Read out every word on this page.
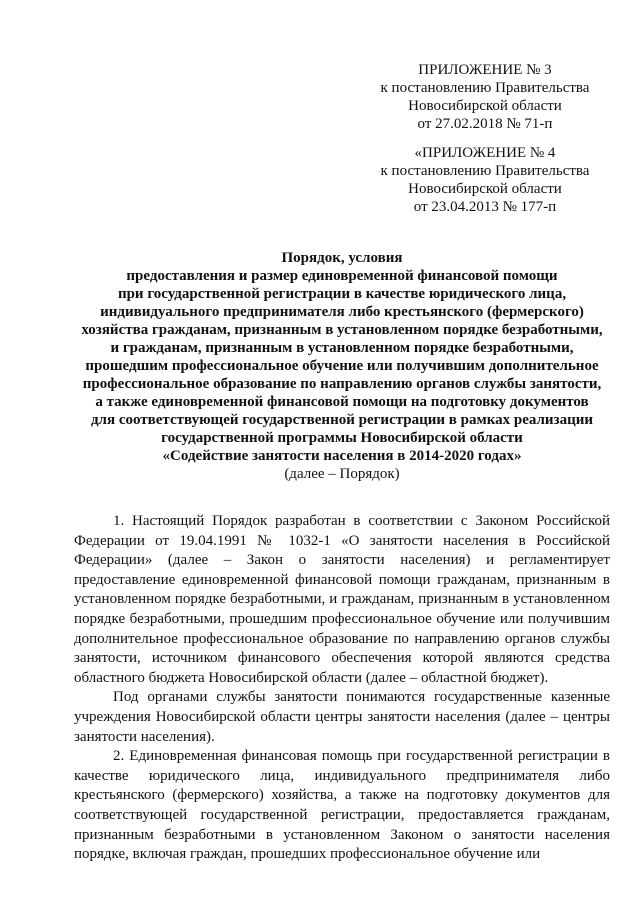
ПРИЛОЖЕНИЕ № 3
к постановлению Правительства
Новосибирской области
от 27.02.2018 № 71-п
«ПРИЛОЖЕНИЕ № 4
к постановлению Правительства
Новосибирской области
от 23.04.2013 № 177-п
Порядок, условия
предоставления и размер единовременной финансовой помощи
при государственной регистрации в качестве юридического лица,
индивидуального предпринимателя либо крестьянского (фермерского)
хозяйства гражданам, признанным в установленном порядке безработными,
и гражданам, признанным в установленном порядке безработными,
прошедшим профессиональное обучение или получившим дополнительное
профессиональное образование по направлению органов службы занятости,
а также единовременной финансовой помощи на подготовку документов
для соответствующей государственной регистрации в рамках реализации
государственной программы Новосибирской области
«Содействие занятости населения в 2014-2020 годах»
(далее – Порядок)

1. Настоящий Порядок разработан в соответствии с Законом Российской Федерации от 19.04.1991 № 1032-1 «О занятости населения в Российской Федерации» (далее – Закон о занятости населения) и регламентирует предоставление единовременной финансовой помощи гражданам, признанным в установленном порядке безработными, и гражданам, признанным в установленном порядке безработными, прошедшим профессиональное обучение или получившим дополнительное профессиональное образование по направлению органов службы занятости, источником финансового обеспечения которой являются средства областного бюджета Новосибирской области (далее – областной бюджет).

Под органами службы занятости понимаются государственные казенные учреждения Новосибирской области центры занятости населения (далее – центры занятости населения).

2. Единовременная финансовая помощь при государственной регистрации в качестве юридического лица, индивидуального предпринимателя либо крестьянского (фермерского) хозяйства, а также на подготовку документов для соответствующей государственной регистрации, предоставляется гражданам, признанным безработными в установленном Законом о занятости населения порядке, включая граждан, прошедших профессиональное обучение или
